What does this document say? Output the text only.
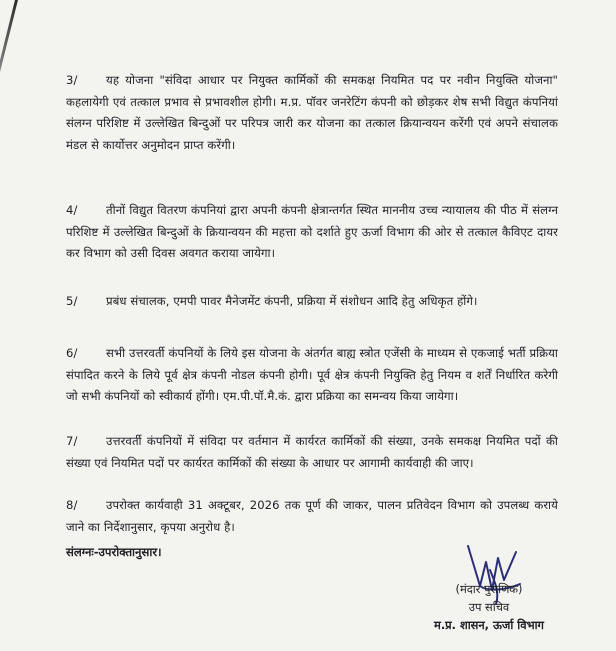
3/ यह योजना "संविदा आधार पर नियुक्त कार्मिकों की समकक्ष नियमित पद पर नवीन नियुक्ति योजना" कहलायेगी एवं तत्काल प्रभाव से प्रभावशील होगी। म.प्र. पॉवर जनरेटिंग कंपनी को छोड़कर शेष सभी विद्युत कंपनियां संलग्न परिशिष्ट में उल्लेखित बिन्दुओं पर परिपत्र जारी कर योजना का तत्काल क्रियान्वयन करेंगी एवं अपने संचालक मंडल से कार्योत्तर अनुमोदन प्राप्त करेंगी।
4/ तीनों विद्युत वितरण कंपनियां द्वारा अपनी कंपनी क्षेत्रान्तर्गत स्थित माननीय उच्च न्यायालय की पीठ में संलग्न परिशिष्ट में उल्लेखित बिन्दुओं के क्रियान्वयन की महत्ता को दर्शाते हुए ऊर्जा विभाग की ओर से तत्काल कैविएट दायर कर विभाग को उसी दिवस अवगत कराया जायेगा।
5/ प्रबंध संचालक, एमपी पावर मैनेजमेंट कंपनी, प्रक्रिया में संशोधन आदि हेतु अधिकृत होंगे।
6/ सभी उत्तरवर्ती कंपनियों के लिये इस योजना के अंतर्गत बाह्य स्त्रोत एजेंसी के माध्यम से एकजाई भर्ती प्रक्रिया संपादित करने के लिये पूर्व क्षेत्र कंपनी नोडल कंपनी होगी। पूर्व क्षेत्र कंपनी नियुक्ति हेतु नियम व शर्तें निर्धारित करेगी जो सभी कंपनियों को स्वीकार्य होंगी। एम.पी.पॉ.मै.कं. द्वारा प्रक्रिया का समन्वय किया जायेगा।
7/ उत्तरवर्ती कंपनियों में संविदा पर वर्तमान में कार्यरत कार्मिकों की संख्या, उनके समकक्ष नियमित पदों की संख्या एवं नियमित पदों पर कार्यरत कार्मिकों की संख्या के आधार पर आगामी कार्यवाही की जाए।
8/ उपरोक्त कार्यवाही 31 अक्टूबर, 2026 तक पूर्ण की जाकर, पालन प्रतिवेदन विभाग को उपलब्ध कराये जाने का निर्देशानुसार, कृपया अनुरोध है।
संलग्नः-उपरोक्तानुसार।
(मंदार पुराणिक)
उप सचिव
म.प्र. शासन, ऊर्जा विभाग
